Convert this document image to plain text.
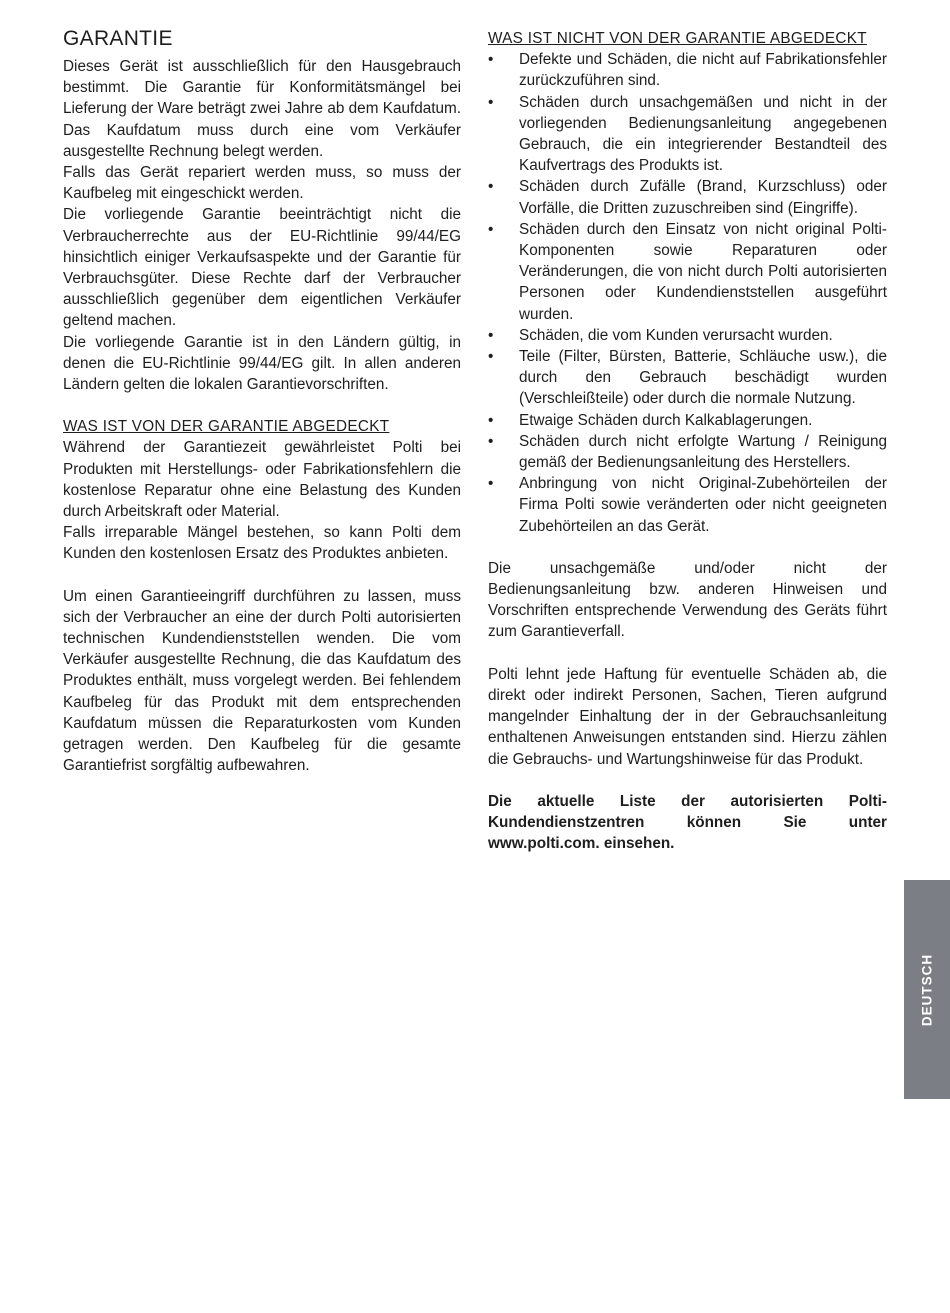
GARANTIE

Dieses Gerät ist ausschließlich für den Hausgebrauch bestimmt. Die Garantie für Konformitätsmängel bei Lieferung der Ware beträgt zwei Jahre ab dem Kaufdatum. Das Kaufdatum muss durch eine vom Verkäufer ausgestellte Rechnung belegt werden.

Falls das Gerät repariert werden muss, so muss der Kaufbeleg mit eingeschickt werden.

Die vorliegende Garantie beeinträchtigt nicht die Verbraucherrechte aus der EU-Richtlinie 99/44/EG hinsichtlich einiger Verkaufsaspekte und der Garantie für Verbrauchsgüter. Diese Rechte darf der Verbraucher ausschließlich gegenüber dem eigentlichen Verkäufer geltend machen.

Die vorliegende Garantie ist in den Ländern gültig, in denen die EU-Richtlinie 99/44/EG gilt. In allen anderen Ländern gelten die lokalen Garantievorschriften.

WAS IST VON DER GARANTIE ABGEDECKT

Während der Garantiezeit gewährleistet Polti bei Produkten mit Herstellungs- oder Fabrikationsfehlern die kostenlose Reparatur ohne eine Belastung des Kunden durch Arbeitskraft oder Material.

Falls irreparable Mängel bestehen, so kann Polti dem Kunden den kostenlosen Ersatz des Produktes anbieten.

Um einen Garantieeingriff durchführen zu lassen, muss sich der Verbraucher an eine der durch Polti autorisierten technischen Kundendienststellen wenden. Die vom Verkäufer ausgestellte Rechnung, die das Kaufdatum des Produktes enthält, muss vorgelegt werden. Bei fehlendem Kaufbeleg für das Produkt mit dem entsprechenden Kaufdatum müssen die Reparaturkosten vom Kunden getragen werden. Den Kaufbeleg für die gesamte Garantiefrist sorgfältig aufbewahren.

WAS IST NICHT VON DER GARANTIE ABGEDECKT

• Defekte und Schäden, die nicht auf Fabrikationsfehler zurückzuführen sind.
• Schäden durch unsachgemäßen und nicht in der vorliegenden Bedienungsanleitung angegebenen Gebrauch, die ein integrierender Bestandteil des Kaufvertrags des Produkts ist.
• Schäden durch Zufälle (Brand, Kurzschluss) oder Vorfälle, die Dritten zuzuschreiben sind (Eingriffe).
• Schäden durch den Einsatz von nicht original Polti-Komponenten sowie Reparaturen oder Veränderungen, die von nicht durch Polti autorisierten Personen oder Kundendienststellen ausgeführt wurden.
• Schäden, die vom Kunden verursacht wurden.
• Teile (Filter, Bürsten, Batterie, Schläuche usw.), die durch den Gebrauch beschädigt wurden (Verschleißteile) oder durch die normale Nutzung.
• Etwaige Schäden durch Kalkablagerungen.
• Schäden durch nicht erfolgte Wartung / Reinigung gemäß der Bedienungsanleitung des Herstellers.
• Anbringung von nicht Original-Zubehörteilen der Firma Polti sowie veränderten oder nicht geeigneten Zubehörteilen an das Gerät.

Die unsachgemäße und/oder nicht der Bedienungsanleitung bzw. anderen Hinweisen und Vorschriften entsprechende Verwendung des Geräts führt zum Garantieverfall.

Polti lehnt jede Haftung für eventuelle Schäden ab, die direkt oder indirekt Personen, Sachen, Tieren aufgrund mangelnder Einhaltung der in der Gebrauchsanleitung enthaltenen Anweisungen entstanden sind. Hierzu zählen die Gebrauchs- und Wartungshinweise für das Produkt.

Die aktuelle Liste der autorisierten Polti-Kundendienstzentren können Sie unter www.polti.com. einsehen.

DEUTSCH
